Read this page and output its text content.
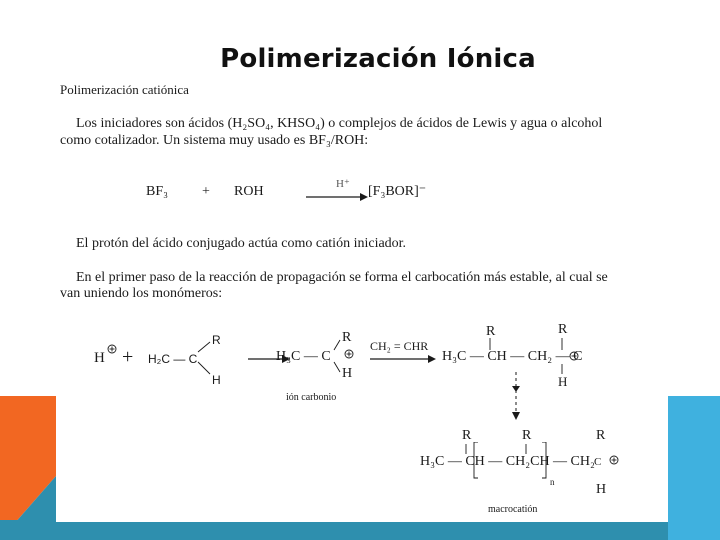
Polimerización Iónica
Polimerización catiónica
Los iniciadores son ácidos (H₂SO₄, KHSO₄) o complejos de ácidos de Lewis y agua o alcohol
como cotalizador. Un sistema muy usado es BF₃/ROH:
BF₃ + ROH	H⁺ [F₃BOR]⁻
El protón del ácido conjugado actúa como catión iniciador.
En el primer paso de la reacción de propagación se forma el carbocatión más estable, al cual se
van uniendo los monómeros:
H + H₂C — C
R
H
H₃C — C
R
H
ión carbonio
CH₂ = CHR
H₃C — CH — CH₂ — C
R	R
H
H₃C — CH — CH₂CH — CH₂ C
R	R	R
H
n
macrocatión
